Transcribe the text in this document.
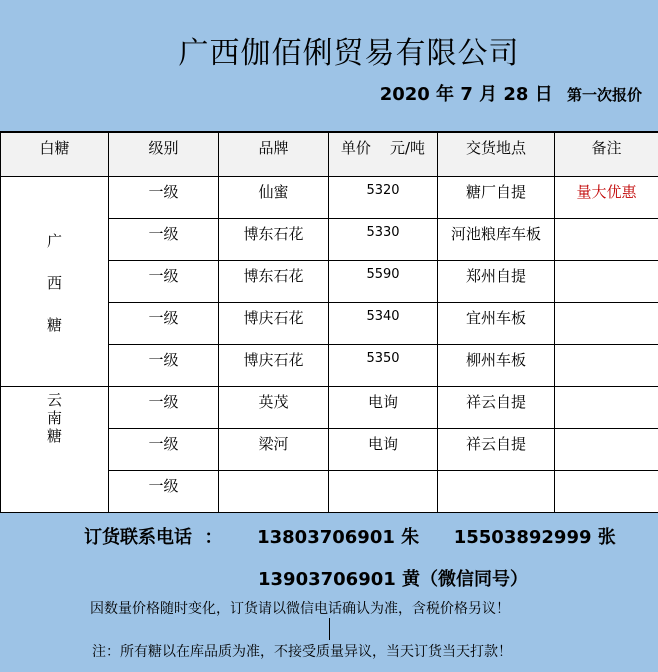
广西伽佰俐贸易有限公司
2020 年 7 月 28 日 第一次报价
白糖	级别	品牌	单价    元/吨	交货地点	备注

广
西
糖	一级	仙蜜	5320	糖厂自提	量大优惠
	一级	博东石花	5330	河池粮库车板	
	一级	博东石花	5590	郑州自提	
	一级	博庆石花	5340	宜州车板	
	一级	博庆石花	5350	柳州车板	

云
南
糖	一级	英茂	电询	祥云自提	
	一级	梁河	电询	祥云自提	
	一级				
订货联系电话  ： 13803706901 朱 15503892999 张
13903706901 黄（微信同号）
因数量价格随时变化，订货请以微信电话确认为准，含税价格另议！
注：所有糖以在库品质为准，不接受质量异议，当天订货当天打款！
